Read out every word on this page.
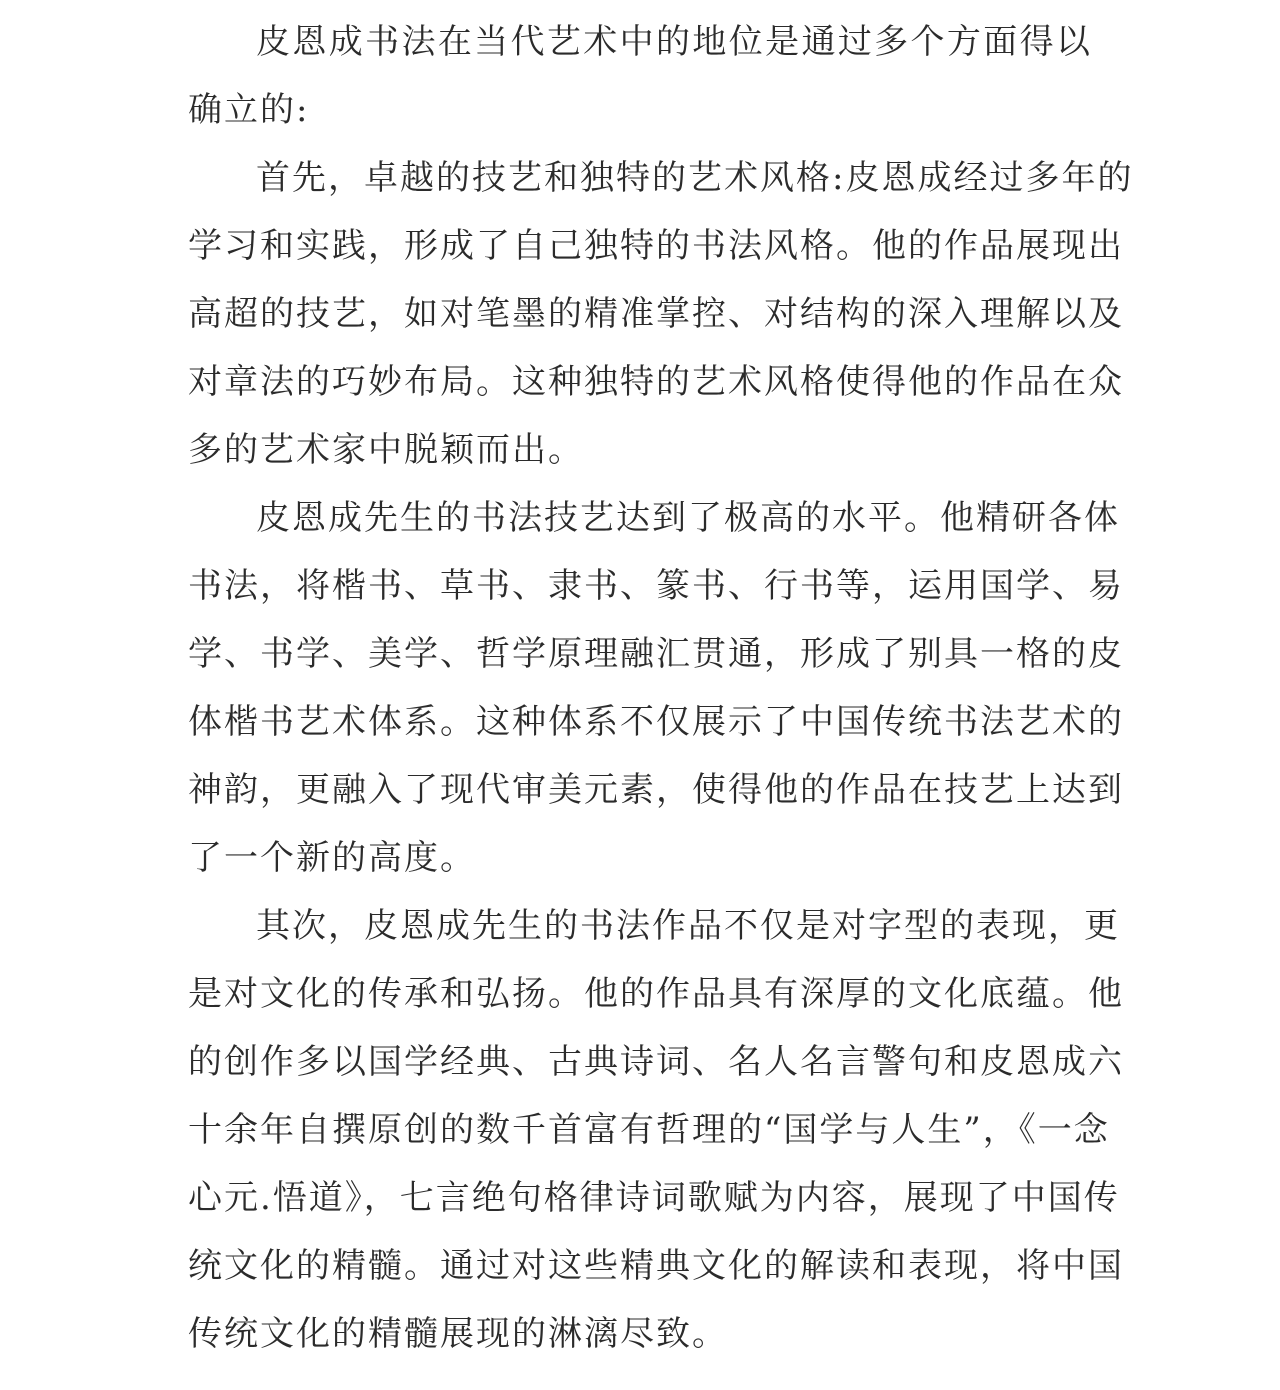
皮恩成书法在当代艺术中的地位是通过多个方面得以
确立的:
首先，卓越的技艺和独特的艺术风格:皮恩成经过多年的
学习和实践，形成了自己独特的书法风格。他的作品展现出
高超的技艺，如对笔墨的精准掌控、对结构的深入理解以及
对章法的巧妙布局。这种独特的艺术风格使得他的作品在众
多的艺术家中脱颖而出。
皮恩成先生的书法技艺达到了极高的水平。他精研各体
书法，将楷书、草书、隶书、篆书、行书等，运用国学、易
学、书学、美学、哲学原理融汇贯通，形成了别具一格的皮
体楷书艺术体系。这种体系不仅展示了中国传统书法艺术的
神韵，更融入了现代审美元素，使得他的作品在技艺上达到
了一个新的高度。
其次，皮恩成先生的书法作品不仅是对字型的表现，更
是对文化的传承和弘扬。他的作品具有深厚的文化底蕴。他
的创作多以国学经典、古典诗词、名人名言警句和皮恩成六
十余年自撰原创的数千首富有哲理的“国学与人生”，《一念
心元.悟道》，七言绝句格律诗词歌赋为内容，展现了中国传
统文化的精髓。通过对这些精典文化的解读和表现，将中国
传统文化的精髓展现的淋漓尽致。
